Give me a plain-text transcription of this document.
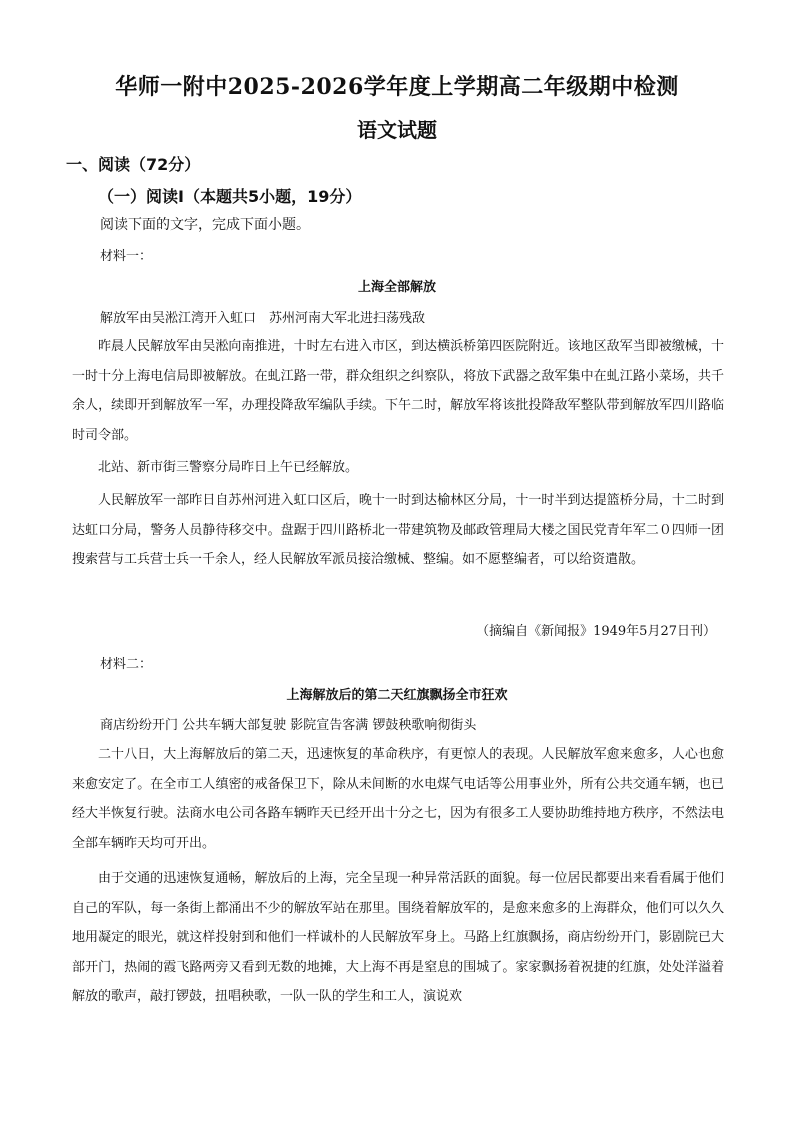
华师一附中2025-2026学年度上学期高二年级期中检测
语文试题
一、阅读（72分）
（一）阅读Ⅰ（本题共5小题，19分）
阅读下面的文字，完成下面小题。
材料一：
上海全部解放
解放军由吴淞江湾开入虹口　苏州河南大军北进扫荡残敌

昨晨人民解放军由吴淞向南推进，十时左右进入市区，到达横浜桥第四医院附近。该地区敌军当即被缴械，十一时十分上海电信局即被解放。在虬江路一带，群众组织之纠察队，将放下武器之敌军集中在虬江路小菜场，共千余人，续即开到解放军一军，办理投降敌军编队手续。下午二时，解放军将该批投降敌军整队带到解放军四川路临时司令部。

北站、新市街三警察分局昨日上午已经解放。

人民解放军一部昨日自苏州河进入虹口区后，晚十一时到达榆林区分局，十一时半到达提篮桥分局，十二时到达虹口分局，警务人员静待移交中。盘踞于四川路桥北一带建筑物及邮政管理局大楼之国民党青年军二０四师一团搜索营与工兵营士兵一千余人，经人民解放军派员接洽缴械、整编。如不愿整编者，可以给资遣散。

（摘编自《新闻报》1949年5月27日刊）
材料二：
上海解放后的第二天红旗飘扬全市狂欢
商店纷纷开门 公共车辆大部复驶 影院宣告客满 锣鼓秧歌响彻街头

二十八日，大上海解放后的第二天，迅速恢复的革命秩序，有更惊人的表现。人民解放军愈来愈多，人心也愈来愈安定了。在全市工人缜密的戒备保卫下，除从未间断的水电煤气电话等公用事业外，所有公共交通车辆，也已经大半恢复行驶。法商水电公司各路车辆昨天已经开出十分之七，因为有很多工人要协助维持地方秩序，不然法电全部车辆昨天均可开出。

由于交通的迅速恢复通畅，解放后的上海，完全呈现一种异常活跃的面貌。每一位居民都要出来看看属于他们自己的军队，每一条街上都涌出不少的解放军站在那里。围绕着解放军的，是愈来愈多的上海群众，他们可以久久地用凝定的眼光，就这样投射到和他们一样诚朴的人民解放军身上。马路上红旗飘扬，商店纷纷开门，影剧院已大部开门，热闹的霞飞路两旁又看到无数的地摊，大上海不再是窒息的围城了。家家飘扬着祝捷的红旗，处处洋溢着解放的歌声，敲打锣鼓，扭唱秧歌，一队一队的学生和工人，演说欢
